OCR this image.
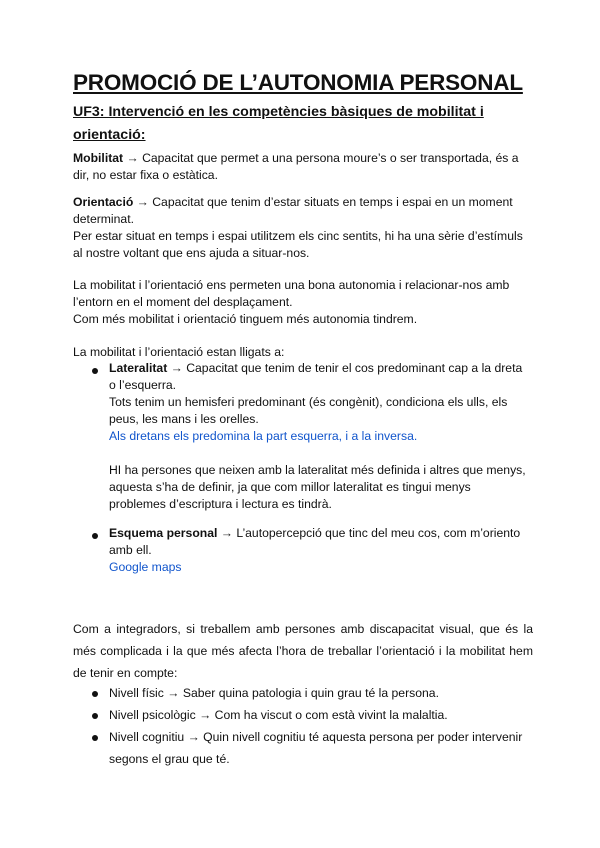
PROMOCIÓ DE L’AUTONOMIA PERSONAL
UF3: Intervenció en les competències bàsiques de mobilitat i orientació:
Mobilitat → Capacitat que permet a una persona moure’s o ser transportada, és a dir, no estar fixa o estàtica.
Orientació → Capacitat que tenim d’estar situats en temps i espai en un moment determinat.
Per estar situat en temps i espai utilitzem els cinc sentits, hi ha una sèrie d’estímuls al nostre voltant que ens ajuda a situar-nos.
La mobilitat i l’orientació ens permeten una bona autonomia i relacionar-nos amb l’entorn en el moment del desplaçament.
Com més mobilitat i orientació tinguem més autonomia tindrem.
La mobilitat i l’orientació estan lligats a:
Lateralitat → Capacitat que tenim de tenir el cos predominant cap a la dreta o l’esquerra.
Tots tenim un hemisferi predominant (és congènit), condiciona els ulls, els peus, les mans i les orelles.
Als dretans els predomina la part esquerra, i a la inversa.
HI ha persones que neixen amb la lateralitat més definida i altres que menys, aquesta s’ha de definir, ja que com millor lateralitat es tingui menys problemes d’escriptura i lectura es tindrà.
Esquema personal → L’autopercepció que tinc del meu cos, com m’oriento amb ell.
Google maps
Com a integradors, si treballem amb persones amb discapacitat visual, que és la més complicada i la que més afecta l’hora de treballar l’orientació i la mobilitat hem de tenir en compte:
Nivell físic → Saber quina patologia i quin grau té la persona.
Nivell psicològic → Com ha viscut o com està vivint la malaltia.
Nivell cognitiu → Quin nivell cognitiu té aquesta persona per poder intervenir segons el grau que té.
